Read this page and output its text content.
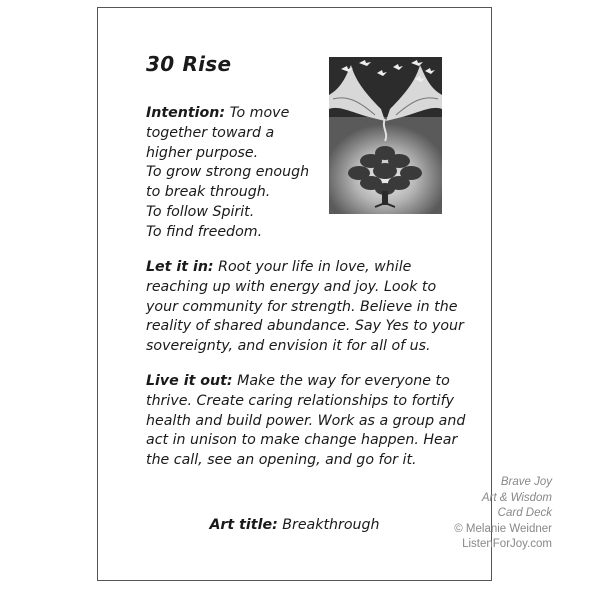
30 Rise

Intention: To move
together toward a
higher purpose.
To grow strong enough
to break through.
To follow Spirit.
To find freedom.

Let it in: Root your life in love, while
reaching up with energy and joy. Look to
your community for strength. Believe in the
reality of shared abundance. Say Yes to your
sovereignty, and envision it for all of us.

Live it out: Make the way for everyone to
thrive. Create caring relationships to fortify
health and build power. Work as a group and
act in unison to make change happen. Hear
the call, see an opening, and go for it.

Art title: Breakthrough
Brave Joy
Art & Wisdom
Card Deck
© Melanie Weidner
ListenForJoy.com
